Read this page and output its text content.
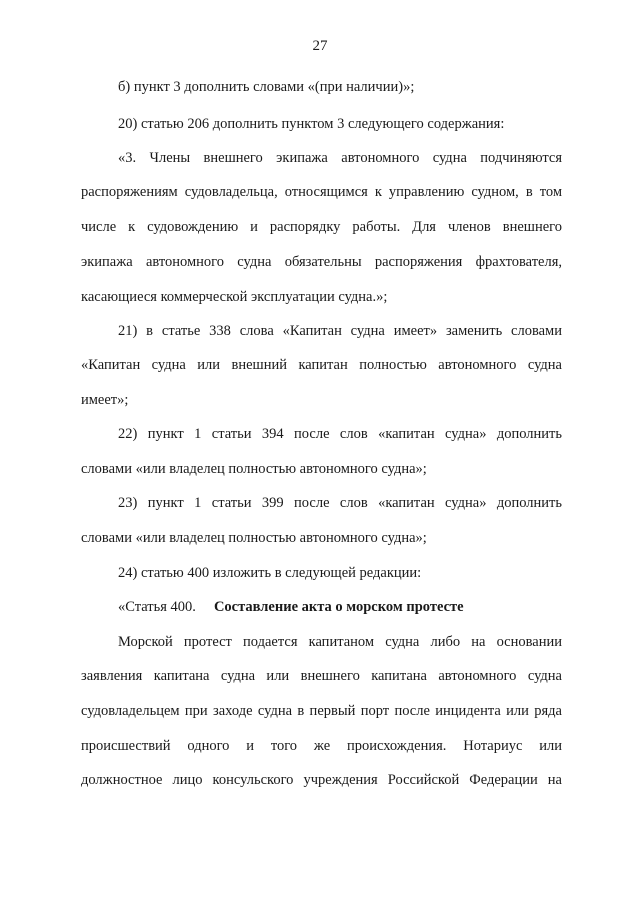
27
б) пункт 3 дополнить словами «(при наличии)»;
20) статью 206 дополнить пунктом 3 следующего содержания:
«3. Члены внешнего экипажа автономного судна подчиняются
распоряжениям судовладельца, относящимся к управлению судном, в том
числе к судовождению и распорядку работы. Для членов внешнего
экипажа автономного судна обязательны распоряжения фрахтователя,
касающиеся коммерческой эксплуатации судна.»;
21) в статье 338 слова «Капитан судна имеет» заменить словами
«Капитан судна или внешний капитан полностью автономного судна
имеет»;
22) пункт 1 статьи 394 после слов «капитан судна» дополнить
словами «или владелец полностью автономного судна»;
23) пункт 1 статьи 399 после слов «капитан судна» дополнить
словами «или владелец полностью автономного судна»;
24) статью 400 изложить в следующей редакции:
«Статья 400. Составление акта о морском протесте
Морской протест подается капитаном судна либо на основании
заявления капитана судна или внешнего капитана автономного судна
судовладельцем при заходе судна в первый порт после инцидента или ряда
происшествий одного и того же происхождения. Нотариус или
должностное лицо консульского учреждения Российской Федерации на
